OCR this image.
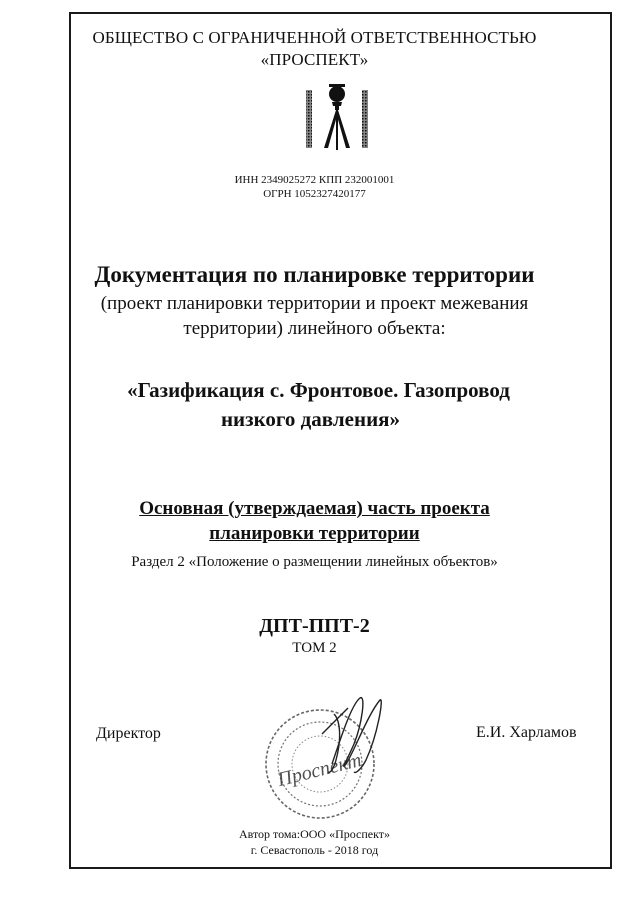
ОБЩЕСТВО С ОГРАНИЧЕННОЙ ОТВЕТСТВЕННОСТЬЮ

«ПРОСПЕКТ»

ИНН 2349025272 КПП 232001001

ОГРН 1052327420177

Документация по планировке территории

(проект планировки территории и проект межевания

территории) линейного объекта:

«Газификация с. Фронтовое. Газопровод

низкого давления»

Основная (утверждаемая) часть проекта

планировки территории

Раздел 2 «Положение о размещении линейных объектов»

ДПТ-ППТ-2

ТОМ 2

Директор	Е.И. Харламов
Проспект

Автор тома:ООО «Проспект»

г. Севастополь - 2018 год
